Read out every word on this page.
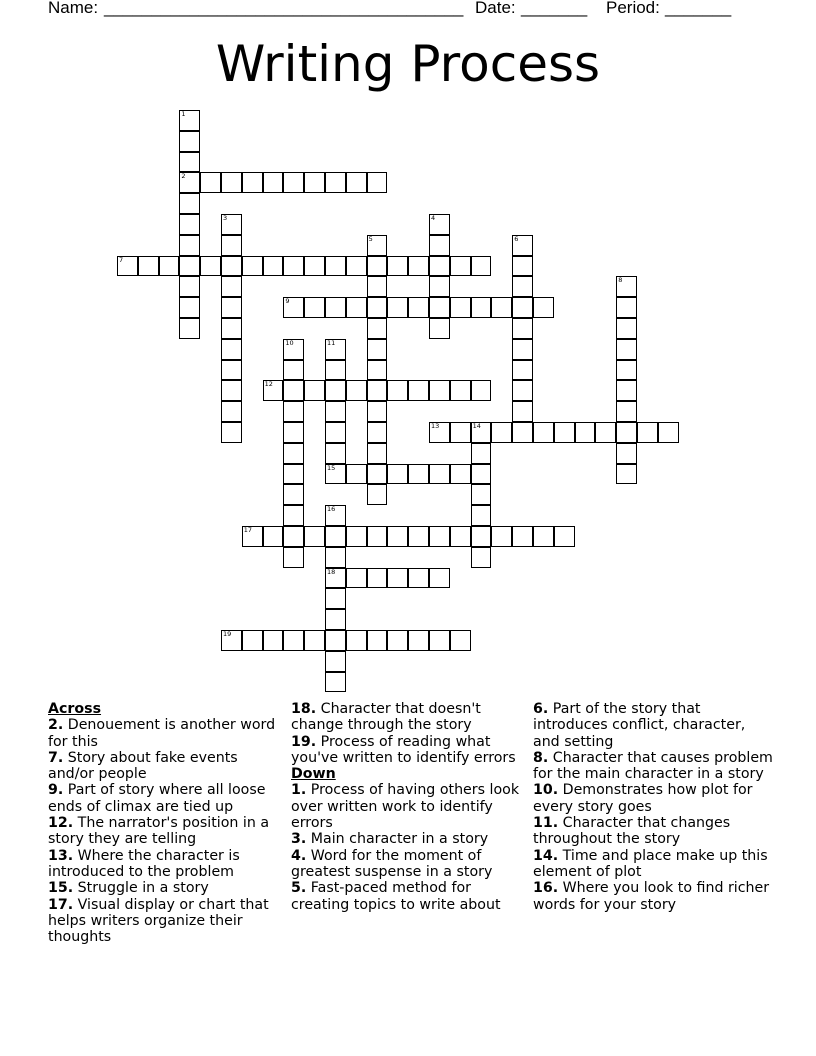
Name: ______________________________________ Date: _______ Period: _______
Writing Process
1
2
3	4
5	6
7
8
9
10	11
15
12
13	14
16
18
17
19
Across
2. Denouement is another word for this
7. Story about fake events and/or people
9. Part of story where all loose ends of climax are tied up
12. The narrator's position in a story they are telling
13. Where the character is introduced to the problem
15. Struggle in a story
17. Visual display or chart that helps writers organize their thoughts
18. Character that doesn't change through the story
19. Process of reading what you've written to identify errors
Down
1. Process of having others look over written work to identify errors
3. Main character in a story
4. Word for the moment of greatest suspense in a story
5. Fast-paced method for creating topics to write about
6. Part of the story that introduces conflict, character, and setting
8. Character that causes problem for the main character in a story
10. Demonstrates how plot for every story goes
11. Character that changes throughout the story
14. Time and place make up this element of plot
16. Where you look to find richer words for your story
